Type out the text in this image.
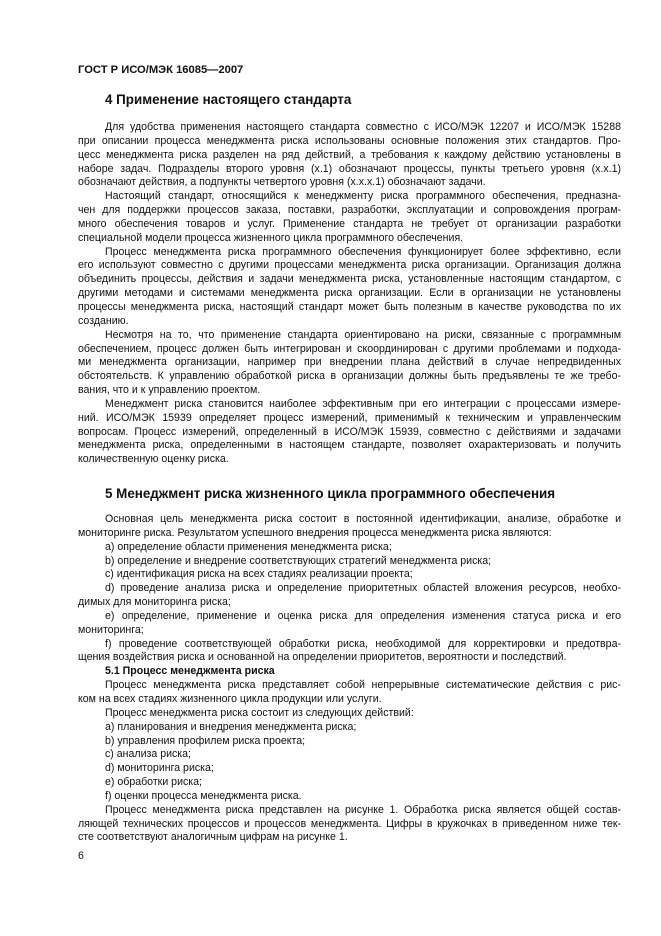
ГОСТ Р ИСО/МЭК 16085—2007
4 Применение настоящего стандарта
Для удобства применения настоящего стандарта совместно с ИСО/МЭК 12207 и ИСО/МЭК 15288
при описании процесса менеджмента риска использованы основные положения этих стандартов. Про-
цесс менеджмента риска разделен на ряд действий, а требования к каждому действию установлены в
наборе задач. Подразделы второго уровня (х.1) обозначают процессы, пункты третьего уровня (х.х.1)
обозначают действия, а подпункты четвертого уровня (х.х.х.1) обозначают задачи.
Настоящий стандарт, относящийся к менеджменту риска программного обеспечения, предназна-
чен для поддержки процессов заказа, поставки, разработки, эксплуатации и сопровождения програм-
много обеспечения товаров и услуг. Применение стандарта не требует от организации разработки
специальной модели процесса жизненного цикла программного обеспечения.
Процесс менеджмента риска программного обеспечения функционирует более эффективно, если
его используют совместно с другими процессами менеджмента риска организации. Организация должна
объединить процессы, действия и задачи менеджмента риска, установленные настоящим стандартом, с
другими методами и системами менеджмента риска организации. Если в организации не установлены
процессы менеджмента риска, настоящий стандарт может быть полезным в качестве руководства по их
созданию.
Несмотря на то, что применение стандарта ориентировано на риски, связанные с программным
обеспечением, процесс должен быть интегрирован и скоординирован с другими проблемами и подхода-
ми менеджмента организации, например при внедрении плана действий в случае непредвиденных
обстоятельств. К управлению обработкой риска в организации должны быть предъявлены те же требо-
вания, что и к управлению проектом.
Менеджмент риска становится наиболее эффективным при его интеграции с процессами измере-
ний. ИСО/МЭК 15939 определяет процесс измерений, применимый к техническим и управленческим
вопросам. Процесс измерений, определенный в ИСО/МЭК 15939, совместно с действиями и задачами
менеджмента риска, определенными в настоящем стандарте, позволяет охарактеризовать и получить
количественную оценку риска.
5 Менеджмент риска жизненного цикла программного обеспечения
Основная цель менеджмента риска состоит в постоянной идентификации, анализе, обработке и
мониторинге риска. Результатом успешного внедрения процесса менеджмента риска являются:
a) определение области применения менеджмента риска;
b) определение и внедрение соответствующих стратегий менеджмента риска;
c) идентификация риска на всех стадиях реализации проекта;
d) проведение анализа риска и определение приоритетных областей вложения ресурсов, необхо-
димых для мониторинга риска;
e) определение, применение и оценка риска для определения изменения статуса риска и его
мониторинга;
f) проведение соответствующей обработки риска, необходимой для корректировки и предотвра-
щения воздействия риска и основанной на определении приоритетов, вероятности и последствий.
5.1 Процесс менеджмента риска
Процесс менеджмента риска представляет собой непрерывные систематические действия с рис-
ком на всех стадиях жизненного цикла продукции или услуги.
Процесс менеджмента риска состоит из следующих действий:
a) планирования и внедрения менеджмента риска;
b) управления профилем риска проекта;
c) анализа риска;
d) мониторинга риска;
e) обработки риска;
f) оценки процесса менеджмента риска.
Процесс менеджмента риска представлен на рисунке 1. Обработка риска является общей состав-
ляющей технических процессов и процессов менеджмента. Цифры в кружочках в приведенном ниже тек-
сте соответствуют аналогичным цифрам на рисунке 1.
6
